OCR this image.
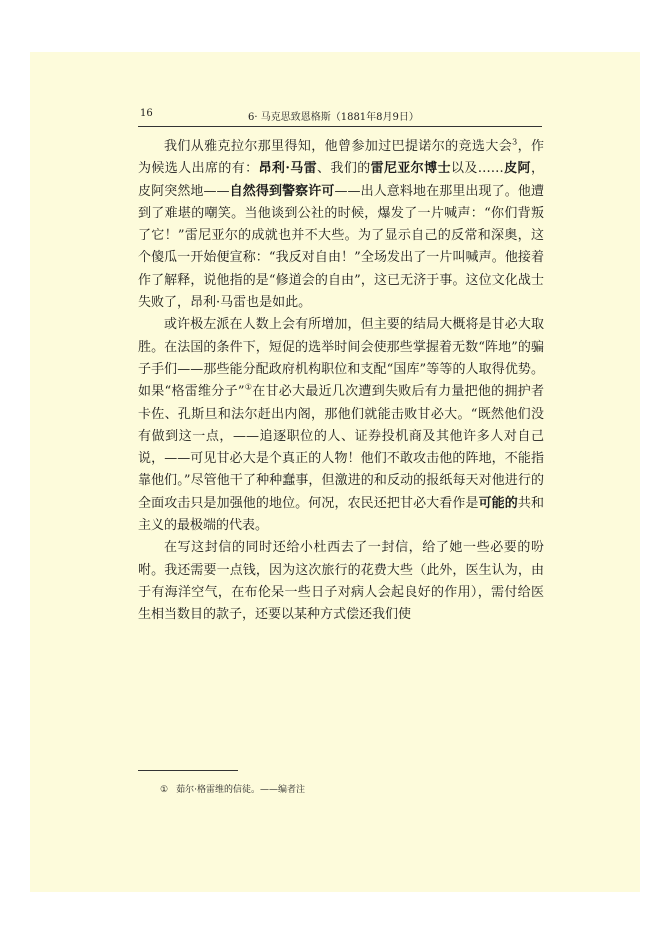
16	6· 马克思致恩格斯（1881年8月9日）

我们从雅克拉尔那里得知，他曾参加过巴提诺尔的竞选大会$^3$，作为候选人出席的有：昂利·马雷、我们的雷尼亚尔博士以及……皮阿，皮阿突然地——自然得到警察许可——出人意料地在那里出现了。他遭到了难堪的嘲笑。当他谈到公社的时候，爆发了一片喊声：“你们背叛了它！”雷尼亚尔的成就也并不大些。为了显示自己的反常和深奥，这个傻瓜一开始便宣称：“我反对自由！”全场发出了一片叫喊声。他接着作了解释，说他指的是“修道会的自由”，这已无济于事。这位文化战士失败了，昂利·马雷也是如此。

或许极左派在人数上会有所增加，但主要的结局大概将是甘必大取胜。在法国的条件下，短促的选举时间会使那些掌握着无数“阵地”的骗子手们——那些能分配政府机构职位和支配“国库”等等的人取得优势。如果“格雷维分子”①在甘必大最近几次遭到失败后有力量把他的拥护者卡佐、孔斯旦和法尔赶出内阁，那他们就能击败甘必大。“既然他们没有做到这一点，——追逐职位的人、证券投机商及其他许多人对自己说，——可见甘必大是个真正的人物！他们不敢攻击他的阵地，不能指靠他们。”尽管他干了种种蠢事，但激进的和反动的报纸每天对他进行的全面攻击只是加强他的地位。何况，农民还把甘必大看作是可能的共和主义的最极端的代表。

在写这封信的同时还给小杜西去了一封信，给了她一些必要的吩咐。我还需要一点钱，因为这次旅行的花费大些（此外，医生认为，由于有海洋空气，在布伦呆一些日子对病人会起良好的作用），需付给医生相当数目的款子，还要以某种方式偿还我们使

① 茹尔·格雷维的信徒。——编者注
